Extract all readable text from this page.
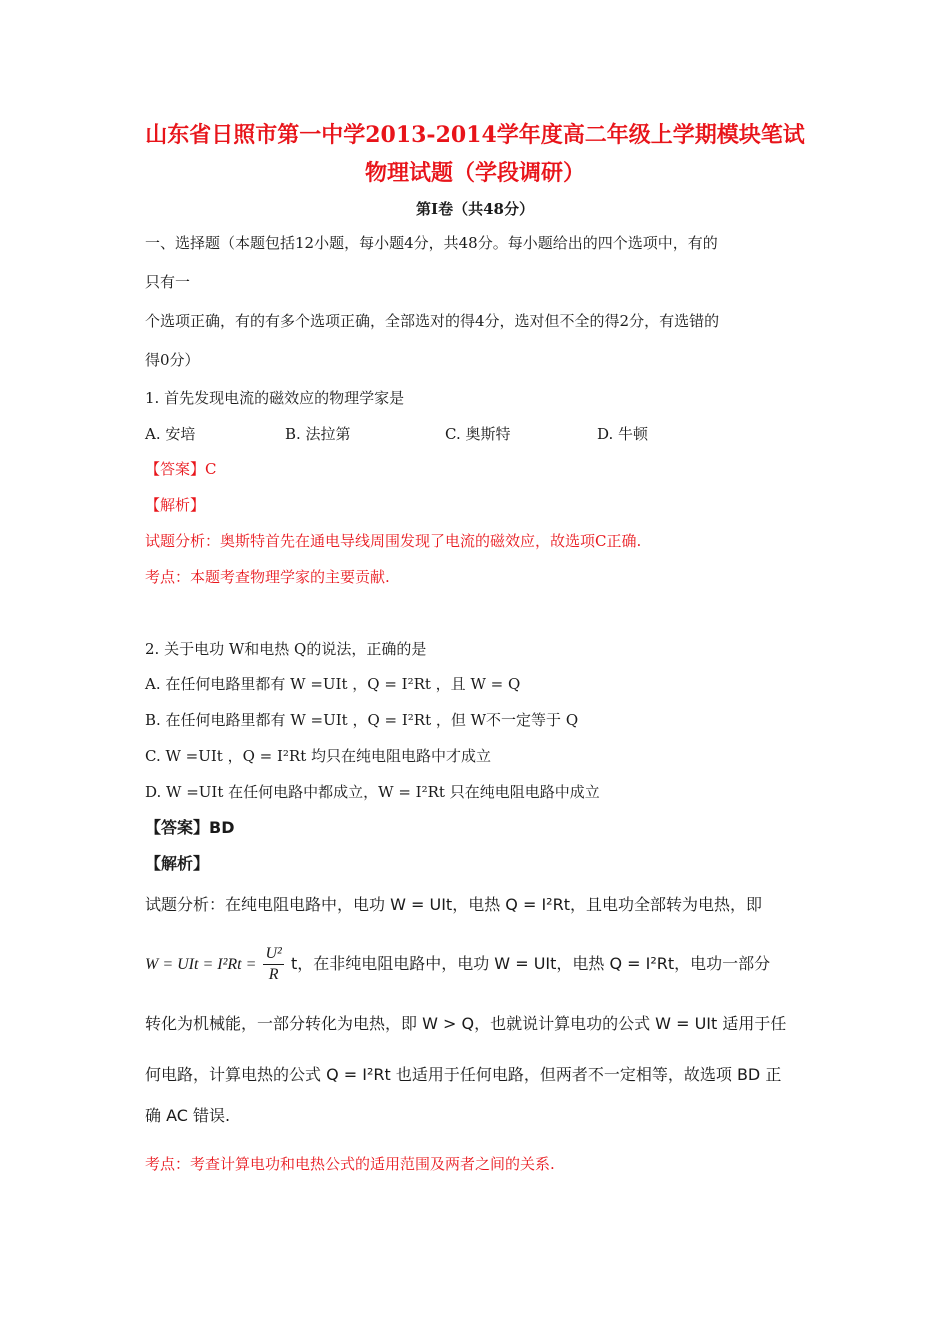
山东省日照市第一中学2013-2014学年度高二年级上学期模块笔试
物理试题（学段调研）
第Ⅰ卷（共48分）
一、选择题（本题包括12小题，每小题4分，共48分。每小题给出的四个选项中，有的
只有一
个选项正确，有的有多个选项正确，全部选对的得4分，选对但不全的得2分，有选错的
得0分）
1. 首先发现电流的磁效应的物理学家是
A. 安培	B. 法拉第	C. 奥斯特	D. 牛顿
【答案】C
【解析】
试题分析：奥斯特首先在通电导线周围发现了电流的磁效应，故选项C正确.
考点：本题考查物理学家的主要贡献.
2. 关于电功 W和电热 Q的说法，正确的是
A. 在任何电路里都有 W =UIt ，Q = I²Rt ，且 W = Q
B. 在任何电路里都有 W =UIt ，Q = I²Rt ，但 W不一定等于 Q
C. W =UIt ，Q = I²Rt 均只在纯电阻电路中才成立
D. W =UIt 在任何电路中都成立，W = I²Rt 只在纯电阻电路中成立
【答案】BD
【解析】
试题分析：在纯电阻电路中，电功 W = UIt，电热 Q = I²Rt，且电功全部转为电热，即
W = UIt = $I^2Rt = \frac{\text{U²}}{R}$ t，在非纯电阻电路中，电功 W = UIt，电热 Q = I²Rt，电功一部分
转化为机械能，一部分转化为电热，即 W > Q，也就说计算电功的公式 W = UIt 适用于任
何电路，计算电热的公式 Q = I²Rt 也适用于任何电路，但两者不一定相等，故选项 BD 正
确 AC 错误.
考点：考查计算电功和电热公式的适用范围及两者之间的关系.
